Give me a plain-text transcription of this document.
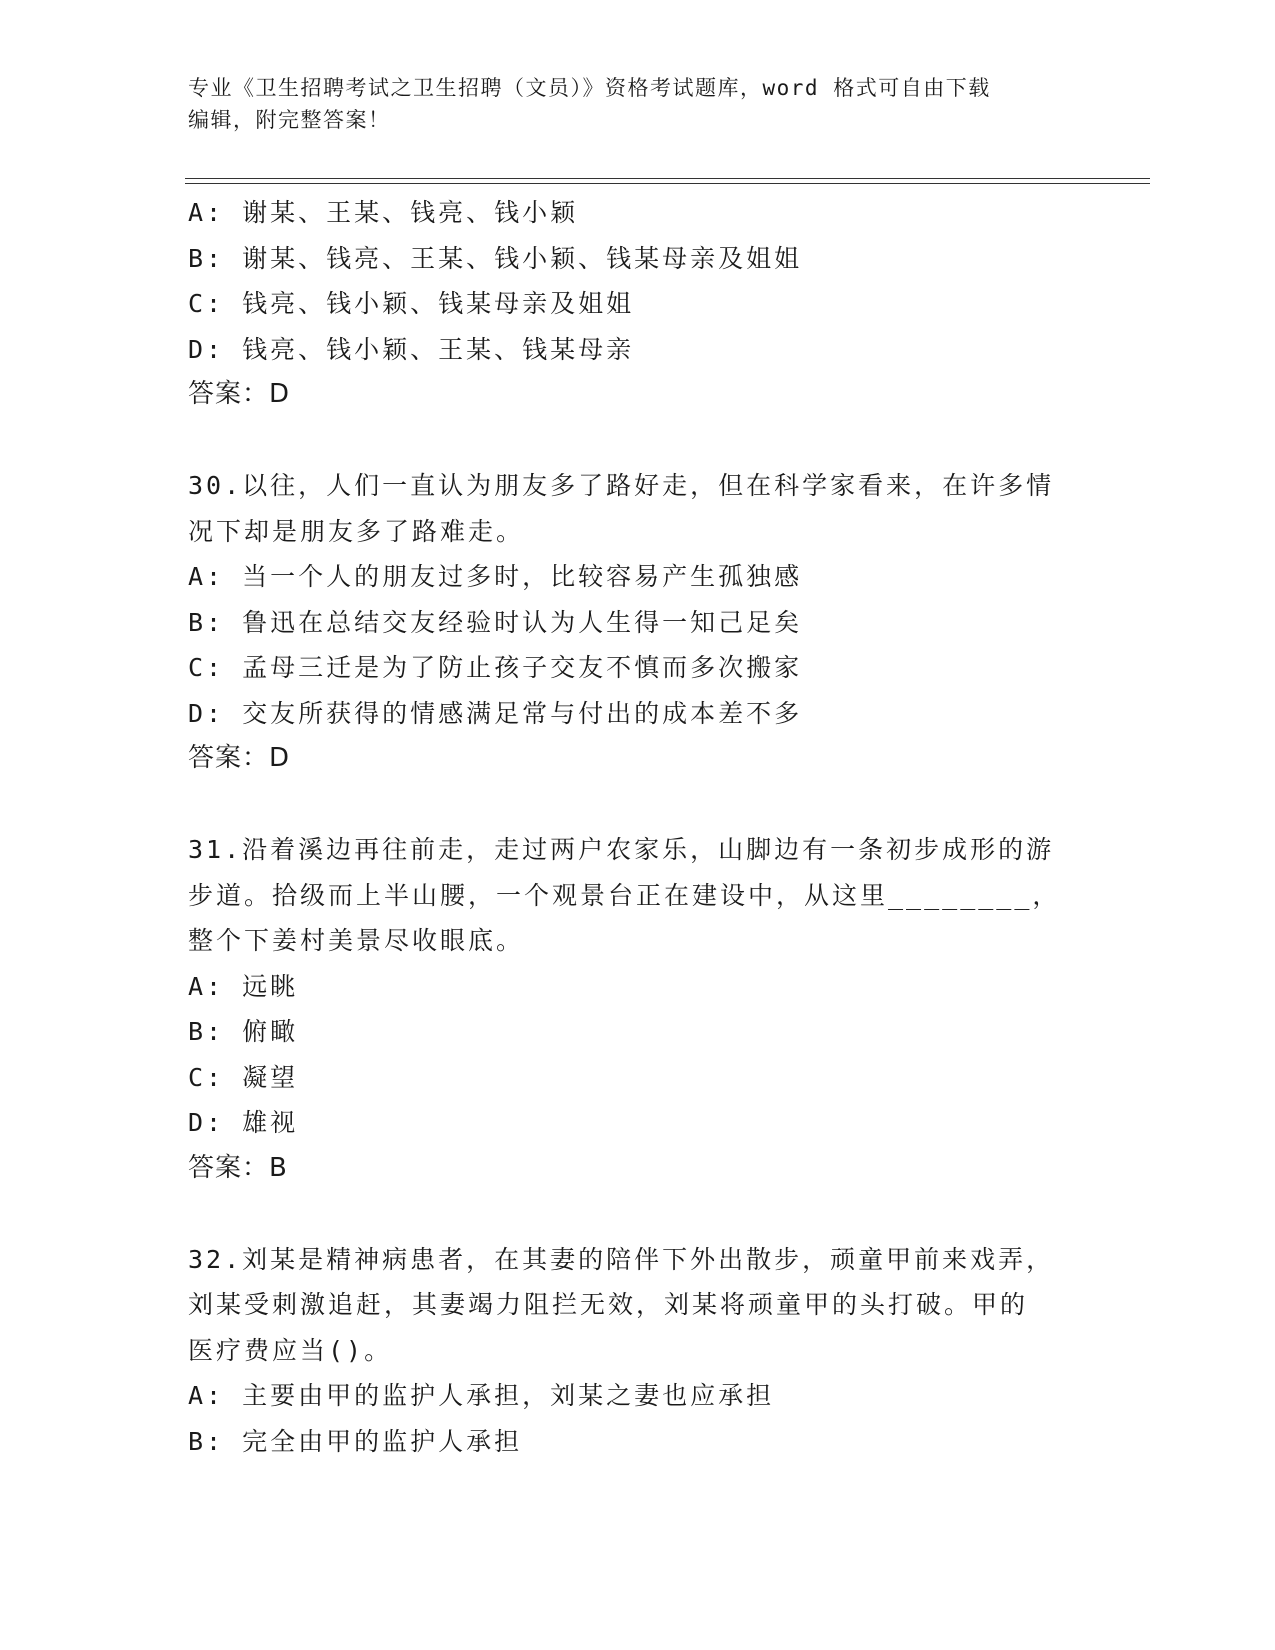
专业《卫生招聘考试之卫生招聘（文员）》资格考试题库，word 格式可自由下载
编辑，附完整答案！
A: 谢某、王某、钱亮、钱小颖
B: 谢某、钱亮、王某、钱小颖、钱某母亲及姐姐
C: 钱亮、钱小颖、钱某母亲及姐姐
D: 钱亮、钱小颖、王某、钱某母亲
答案：D
30.以往，人们一直认为朋友多了路好走，但在科学家看来，在许多情
况下却是朋友多了路难走。
A: 当一个人的朋友过多时，比较容易产生孤独感
B: 鲁迅在总结交友经验时认为人生得一知己足矣
C: 孟母三迁是为了防止孩子交友不慎而多次搬家
D: 交友所获得的情感满足常与付出的成本差不多
答案：D
31.沿着溪边再往前走，走过两户农家乐，山脚边有一条初步成形的游
步道。拾级而上半山腰，一个观景台正在建设中，从这里________，
整个下姜村美景尽收眼底。
A: 远眺
B: 俯瞰
C: 凝望
D: 雄视
答案：B
32.刘某是精神病患者，在其妻的陪伴下外出散步，顽童甲前来戏弄，
刘某受刺激追赶，其妻竭力阻拦无效，刘某将顽童甲的头打破。甲的
医疗费应当()。
A: 主要由甲的监护人承担，刘某之妻也应承担
B: 完全由甲的监护人承担
